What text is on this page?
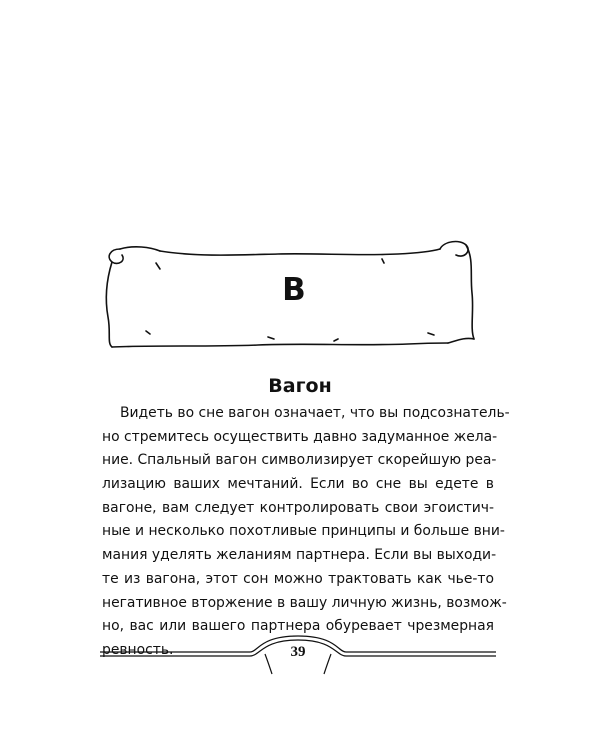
В
Вагон
Видеть во сне вагон означает, что вы подсознатель-
но стремитесь осуществить давно задуманное жела-
ние. Спальный вагон символизирует скорейшую реа-
лизацию ваших мечтаний. Если во сне вы едете в
вагоне, вам следует контролировать свои эгоистич-
ные и несколько похотливые принципы и больше вни-
мания уделять желаниям партнера. Если вы выходи-
те из вагона, этот сон можно трактовать как чье-то
негативное вторжение в вашу личную жизнь, возмож-
но, вас или вашего партнера обуревает чрезмерная
ревность.	39
